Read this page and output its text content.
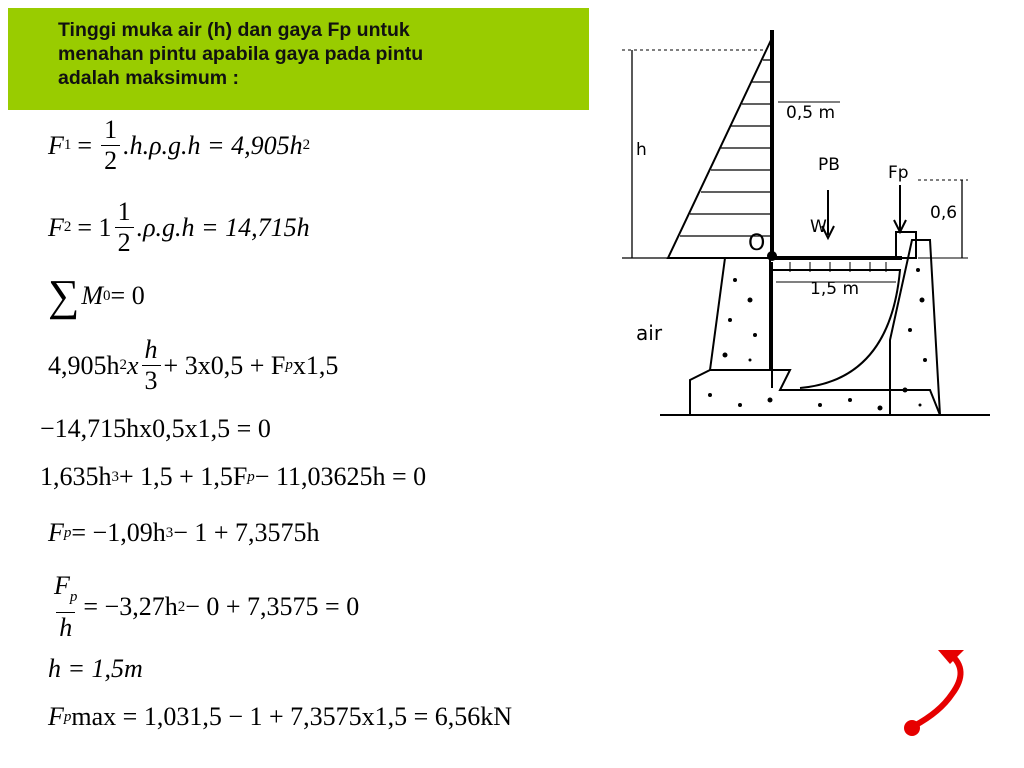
Tinggi muka air (h) dan gaya Fp untuk
menahan pintu apabila gaya pada pintu
adalah maksimum :
F $1 = \frac{1}{2} .h.\rho.g.h = 4,905h$ 2
F $2 = 1 \frac{1}{2} .\rho.g.h = 14,715h$
∑ M 0 = 0
4,905h 2 x $\frac{h}{3} + 3x0,5 + F$ p x1,5
−14,715hx0,5x1,5 = 0
1,635h 3 + 1,5 + 1,5F p − 11,03625h = 0
F p = −1,09h 3 − 1 + 7,3575h
$\frac{F_p}{h} = -3,27h$ 2 − 0 + 7,3575 = 0
h = 1,5m
F p max = 1,031,5 − 1 + 7,3575x1,5 = 6,56kN
h
0,5 m
PB	Fp
W
O
1,5 m
0,6
air
